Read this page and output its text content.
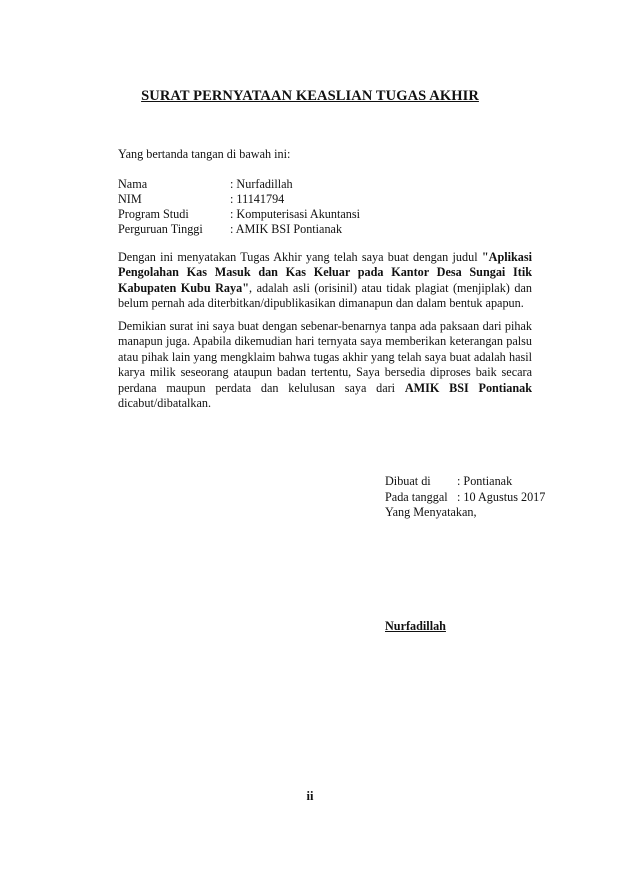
SURAT PERNYATAAN KEASLIAN TUGAS AKHIR
Yang bertanda tangan di bawah ini:
Nama	: Nurfadillah
NIM	: 11141794
Program Studi	: Komputerisasi Akuntansi
Perguruan Tinggi	: AMIK BSI Pontianak

Dengan ini menyatakan Tugas Akhir yang telah saya buat dengan judul "Aplikasi Pengolahan Kas Masuk dan Kas Keluar pada Kantor Desa Sungai Itik Kabupaten Kubu Raya", adalah asli (orisinil) atau tidak plagiat (menjiplak) dan belum pernah ada diterbitkan/dipublikasikan dimanapun dan dalam bentuk apapun.

Demikian surat ini saya buat dengan sebenar-benarnya tanpa ada paksaan dari pihak manapun juga. Apabila dikemudian hari ternyata saya memberikan keterangan palsu atau pihak lain yang mengklaim bahwa tugas akhir yang telah saya buat adalah hasil karya milik seseorang ataupun badan tertentu, Saya bersedia diproses baik secara perdana maupun perdata dan kelulusan saya dari AMIK BSI Pontianak dicabut/dibatalkan.

Dibuat di	: Pontianak
Pada tanggal	: 10 Agustus 2017
Yang Menyatakan,	
Nurfadillah
ii
